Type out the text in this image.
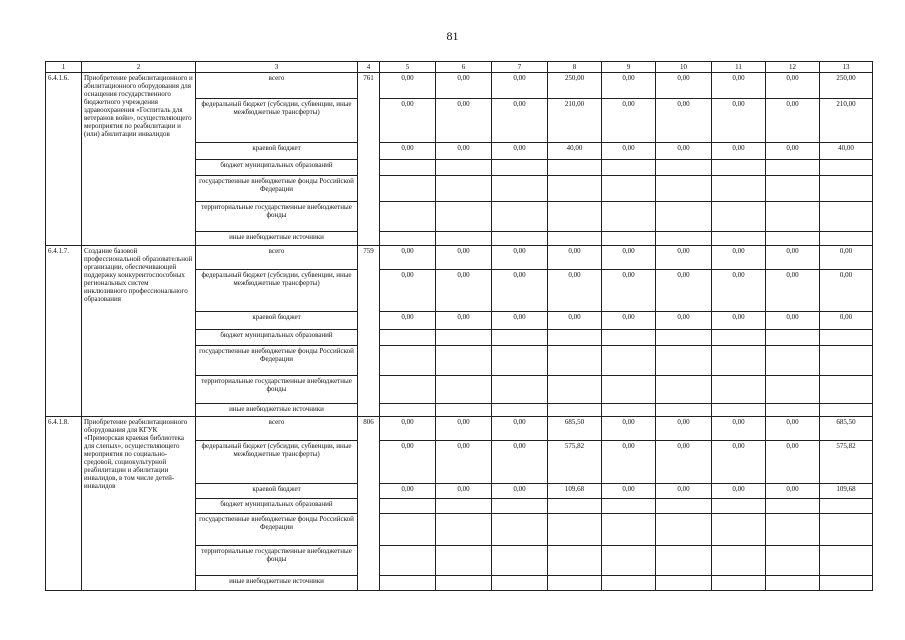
81
1	2	3	4	5	6	7	8	9	10	11	12	13
6.4.1.6.	Приобретение реабилитационного и абилитационного оборудования для оснащения государственного бюджетного учреждения здравоохранения «Госпиталь для ветеранов войн», осуществляющего мероприятия по реабилитации и (или) абилитации инвалидов	всего	761	0,00	0,00	0,00	250,00	0,00	0,00	0,00	0,00	250,00
		федеральный бюджет (субсидии, субвенции, иные межбюджетные трансферты)		0,00	0,00	0,00	210,00	0,00	0,00	0,00	0,00	210,00
		краевой бюджет		0,00	0,00	0,00	40,00	0,00	0,00	0,00	0,00	40,00
		бюджет муниципальных образований										
		государственные внебюджетные фонды Российской Федерации										
		территориальные государственные внебюджетные фонды										
		иные внебюджетные источники										
6.4.1.7.	Создание базовой профессиональной образовательной организации, обеспечивающей поддержку конкурентоспособных региональных систем инклюзивного профессионального образования	всего	759	0,00	0,00	0,00	0,00	0,00	0,00	0,00	0,00	0,00
		федеральный бюджет (субсидии, субвенции, иные межбюджетные трансферты)		0,00	0,00	0,00	0,00	0,00	0,00	0,00	0,00	0,00
		краевой бюджет		0,00	0,00	0,00	0,00	0,00	0,00	0,00	0,00	0,00
		бюджет муниципальных образований										
		государственные внебюджетные фонды Российской Федерации										
		территориальные государственные внебюджетные фонды										
		иные внебюджетные источники										
6.4.1.8.	Приобретение реабилитационного оборудования для КГУК «Приморская краевая библиотека для слепых», осуществляющего мероприятия по социально-средовой, социокультурной реабилитации и абилитации инвалидов, в том числе детей-инвалидов	всего	806	0,00	0,00	0,00	685,50	0,00	0,00	0,00	0,00	685,50
		федеральный бюджет (субсидии, субвенции, иные межбюджетные трансферты)		0,00	0,00	0,00	575,82	0,00	0,00	0,00	0,00	575,82
		краевой бюджет		0,00	0,00	0,00	109,68	0,00	0,00	0,00	0,00	109,68
		бюджет муниципальных образований										
		государственные внебюджетные фонды Российской Федерации										
		территориальные государственные внебюджетные фонды										
		иные внебюджетные источники										
